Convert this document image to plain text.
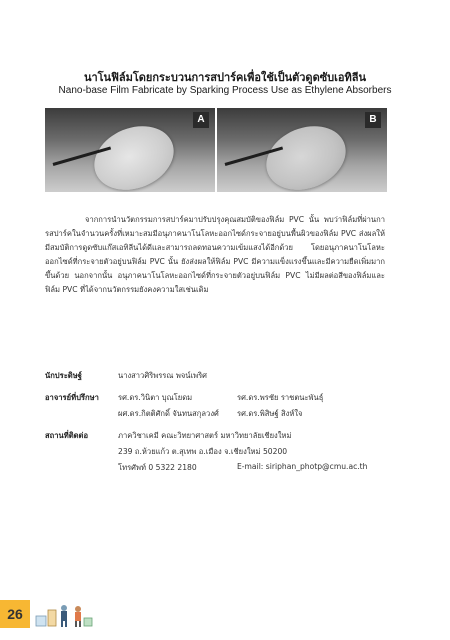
นาโนฟิล์มโดยกระบวนการสปาร์คเพื่อใช้เป็นตัวดูดซับเอทิลีน
Nano-base Film Fabricate by Sparking Process Use as Ethylene Absorbers
A	B

จากการนำนวัตกรรมการสปาร์คมาปรับปรุงคุณสมบัติของฟิล์ม PVC นั้น พบว่าฟิล์มที่ผ่านการสปาร์คในจำนวนครั้งที่เหมาะสมมีอนุภาคนาโนโลหะออกไซด์กระจายอยู่บนพื้นผิวของฟิล์ม PVC ส่งผลให้มีสมบัติการดูดซับแก๊สเอทิลีนได้ดีและสามารถลดทอนความเข้มแสงได้อีกด้วย โดยอนุภาคนาโนโลหะออกไซด์ที่กระจายตัวอยู่บนฟิล์ม PVC นั้น ยังส่งผลให้ฟิล์ม PVC มีความแข็งแรงขึ้นและมีความยืดเพิ่มมากขึ้นด้วย นอกจากนั้น อนุภาคนาโนโลหะออกไซด์ที่กระจายตัวอยู่บนฟิล์ม PVC ไม่มีผลต่อสีของฟิล์มและฟิล์ม PVC ที่ได้จากนวัตกรรมยังคงความใสเช่นเดิม

นักประดิษฐ์	นางสาวศิริพรรณ พจน์เพริศ
อาจารย์ที่ปรึกษา	รศ.ดร.วินิตา บุณโยดม	รศ.ดร.พรชัย ราชตนะพันธุ์
ผศ.ดร.กิตติศักดิ์ จันทนสกุลวงศ์ รศ.ดร.พิสิษฐ์ สิงห์ใจ
สถานที่ติดต่อ	ภาควิชาเคมี คณะวิทยาศาสตร์ มหาวิทยาลัยเชียงใหม่
239 ถ.ห้วยแก้ว ต.สุเทพ อ.เมือง จ.เชียงใหม่ 50200
โทรศัพท์ 0 5322 2180	E-mail: siriphan_photp@cmu.ac.th
26
